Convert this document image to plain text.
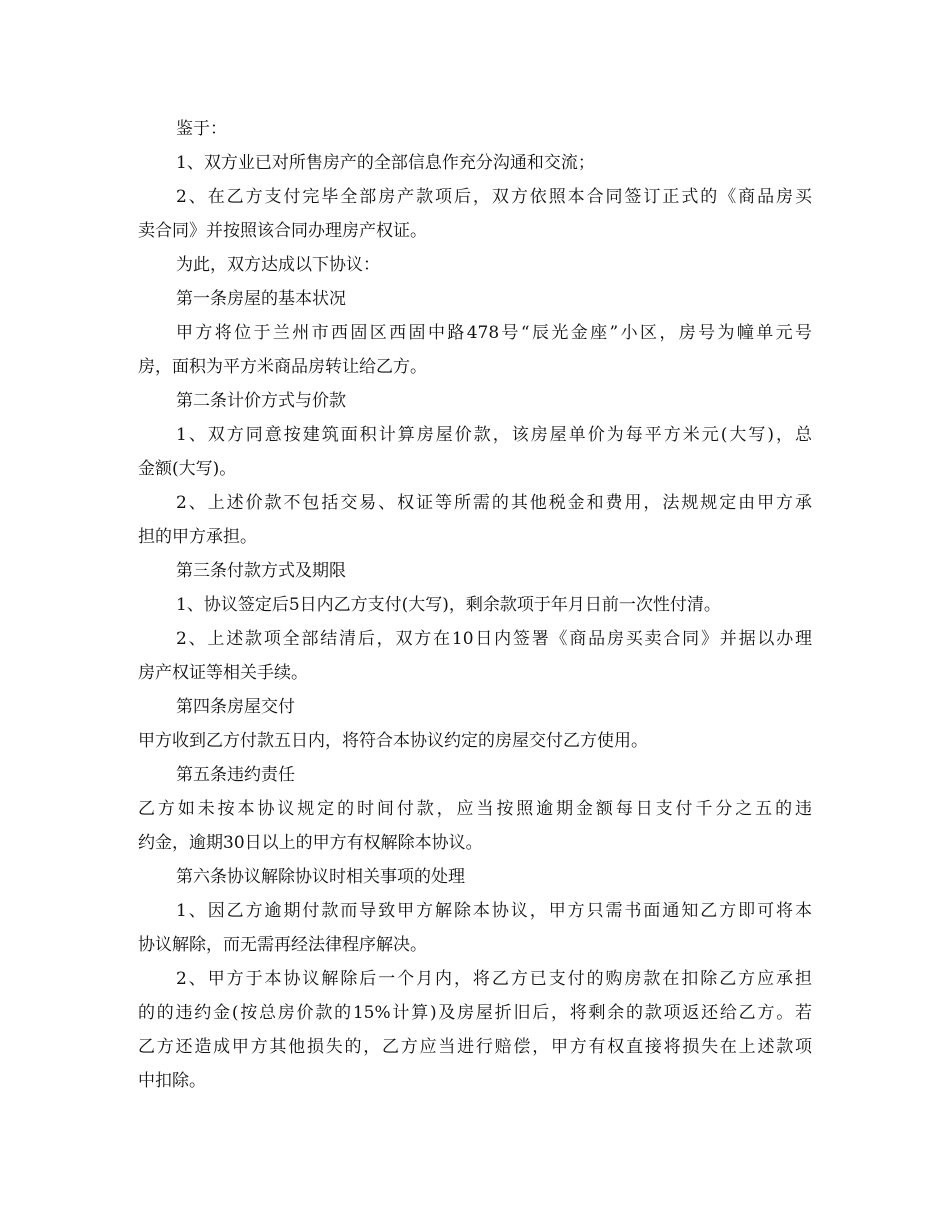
鉴于：
1、双方业已对所售房产的全部信息作充分沟通和交流；
2、在乙方支付完毕全部房产款项后，双方依照本合同签订正式的《商品房买
卖合同》并按照该合同办理房产权证。
为此，双方达成以下协议：
第一条房屋的基本状况
甲方将位于兰州市西固区西固中路478号“辰光金座”小区，房号为幢单元号
房，面积为平方米商品房转让给乙方。
第二条计价方式与价款
1、双方同意按建筑面积计算房屋价款，该房屋单价为每平方米元(大写)，总
金额(大写)。
2、上述价款不包括交易、权证等所需的其他税金和费用，法规规定由甲方承
担的甲方承担。
第三条付款方式及期限
1、协议签定后5日内乙方支付(大写)，剩余款项于年月日前一次性付清。
2、上述款项全部结清后，双方在10日内签署《商品房买卖合同》并据以办理
房产权证等相关手续。
第四条房屋交付
甲方收到乙方付款五日内，将符合本协议约定的房屋交付乙方使用。
第五条违约责任
乙方如未按本协议规定的时间付款，应当按照逾期金额每日支付千分之五的违
约金，逾期30日以上的甲方有权解除本协议。
第六条协议解除协议时相关事项的处理
1、因乙方逾期付款而导致甲方解除本协议，甲方只需书面通知乙方即可将本
协议解除，而无需再经法律程序解决。
2、甲方于本协议解除后一个月内，将乙方已支付的购房款在扣除乙方应承担
的的违约金(按总房价款的15%计算)及房屋折旧后，将剩余的款项返还给乙方。若
乙方还造成甲方其他损失的，乙方应当进行赔偿，甲方有权直接将损失在上述款项
中扣除。
